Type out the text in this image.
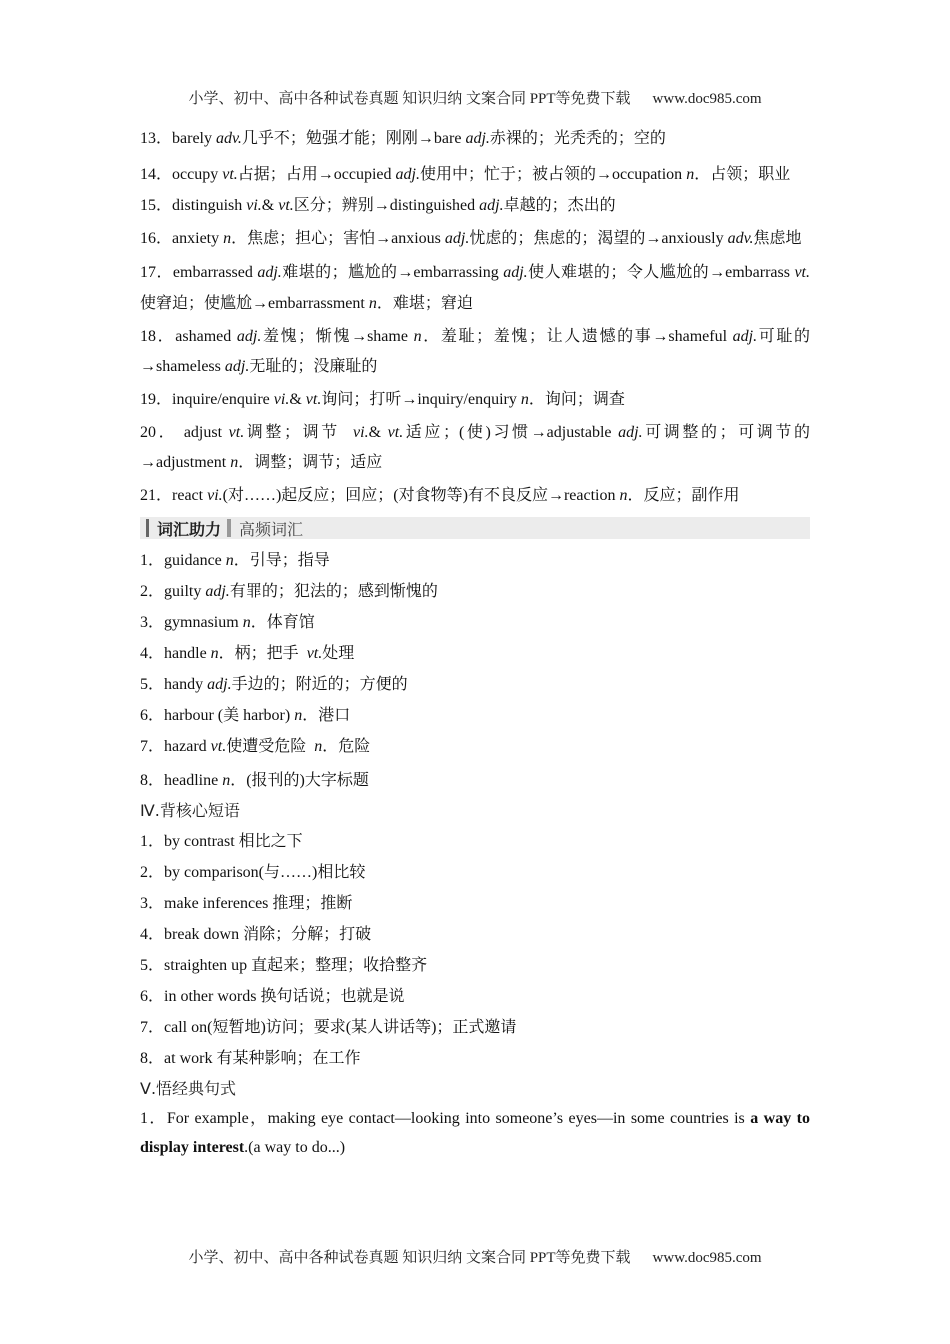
小学、初中、高中各种试卷真题 知识归纳 文案合同 PPT等免费下载 www.doc985.com
13．barely adv.几乎不；勉强才能；刚刚→bare adj.赤裸的；光秃秃的；空的
14．occupy vt.占据；占用→occupied adj.使用中；忙于；被占领的→occupation n．占领；职业
15．distinguish vi.& vt.区分；辨别→distinguished adj.卓越的；杰出的
16．anxiety n．焦虑；担心；害怕→anxious adj.忧虑的；焦虑的；渴望的→anxiously adv.焦虑地
17．embarrassed adj.难堪的；尴尬的→embarrassing adj.使人难堪的；令人尴尬的→embarrass vt.使窘迫；使尴尬→embarrassment n．难堪；窘迫
18．ashamed adj.羞愧；惭愧→shame n．羞耻；羞愧；让人遗憾的事→shameful adj.可耻的→shameless adj.无耻的；没廉耻的
19．inquire/enquire vi.& vt.询问；打听→inquiry/enquiry n．询问；调查
20． adjust vt.调整；调节  vi.& vt.适应；(使)习惯→adjustable adj.可调整的；可调节的→adjustment n．调整；调节；适应
21．react vi.(对……)起反应；回应；(对食物等)有不良反应→reaction n．反应；副作用
词汇助力 高频词汇
1．guidance n．引导；指导
2．guilty adj.有罪的；犯法的；感到惭愧的
3．gymnasium n．体育馆
4．handle n．柄；把手  vt.处理
5．handy adj.手边的；附近的；方便的
6．harbour (美 harbor) n．港口
7．hazard vt.使遭受危险  n．危险
8．headline n．(报刊的)大字标题
Ⅳ.背核心短语
1．by contrast 相比之下
2．by comparison(与……)相比较
3．make inferences 推理；推断
4．break down 消除；分解；打破
5．straighten up 直起来；整理；收拾整齐
6．in other words 换句话说；也就是说
7．call on(短暂地)访问；要求(某人讲话等)；正式邀请
8．at work 有某种影响；在工作
Ⅴ.悟经典句式
1．For example，making eye contact—looking into someone’s eyes—in some countries is a way to display interest.(a way to do...)
小学、初中、高中各种试卷真题 知识归纳 文案合同 PPT等免费下载 www.doc985.com
